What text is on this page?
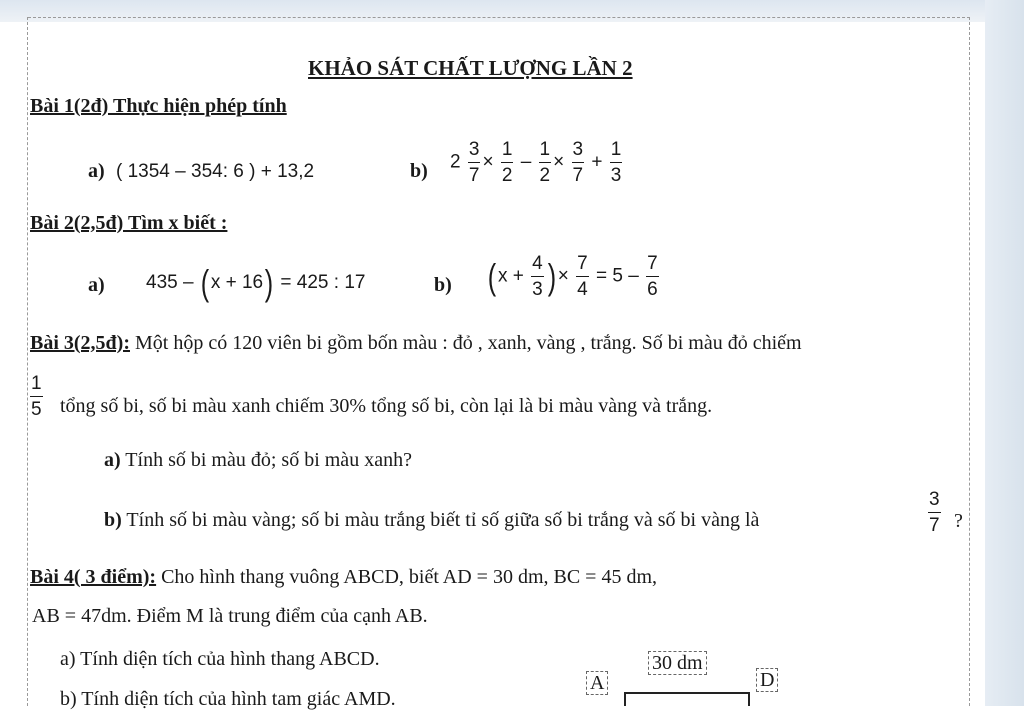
KHẢO SÁT CHẤT LƯỢNG LẦN 2
Bài 1(2đ) Thực hiện phép tính
a) ( 1354 – 354: 6 ) + 13,2	b) $2 \frac{3}{7} \times \frac{1}{2} - \frac{1}{2} \times \frac{3}{7} + \frac{1}{3}$
Bài 2(2,5đ) Tìm x biết :
a) 435 – (x + 16) = 425 : 17	b) ($x + \frac{4}{3}$ )× $\frac{7}{4} = 5 - \frac{7}{6}$
Bài 3(2,5đ): Một hộp có 120 viên bi gồm bốn màu : đỏ , xanh, vàng , trắng. Số bi màu đỏ chiếm
$\frac{1}{5}$ tổng số bi, số bi màu xanh chiếm 30% tổng số bi, còn lại là bi màu vàng và trắng.
a) Tính số bi màu đỏ; số bi màu xanh?
b) Tính số bi màu vàng; số bi màu trắng biết tỉ số giữa số bi trắng và số bi vàng là	$\frac{3}{7}$ ?
Bài 4( 3 điểm): Cho hình thang vuông ABCD, biết AD = 30 dm, BC = 45 dm,
AB = 47dm. Điểm M là trung điểm của cạnh AB.
a) Tính diện tích của hình thang ABCD.
b) Tính diện tích của hình tam giác AMD.
30 dm
A	D
